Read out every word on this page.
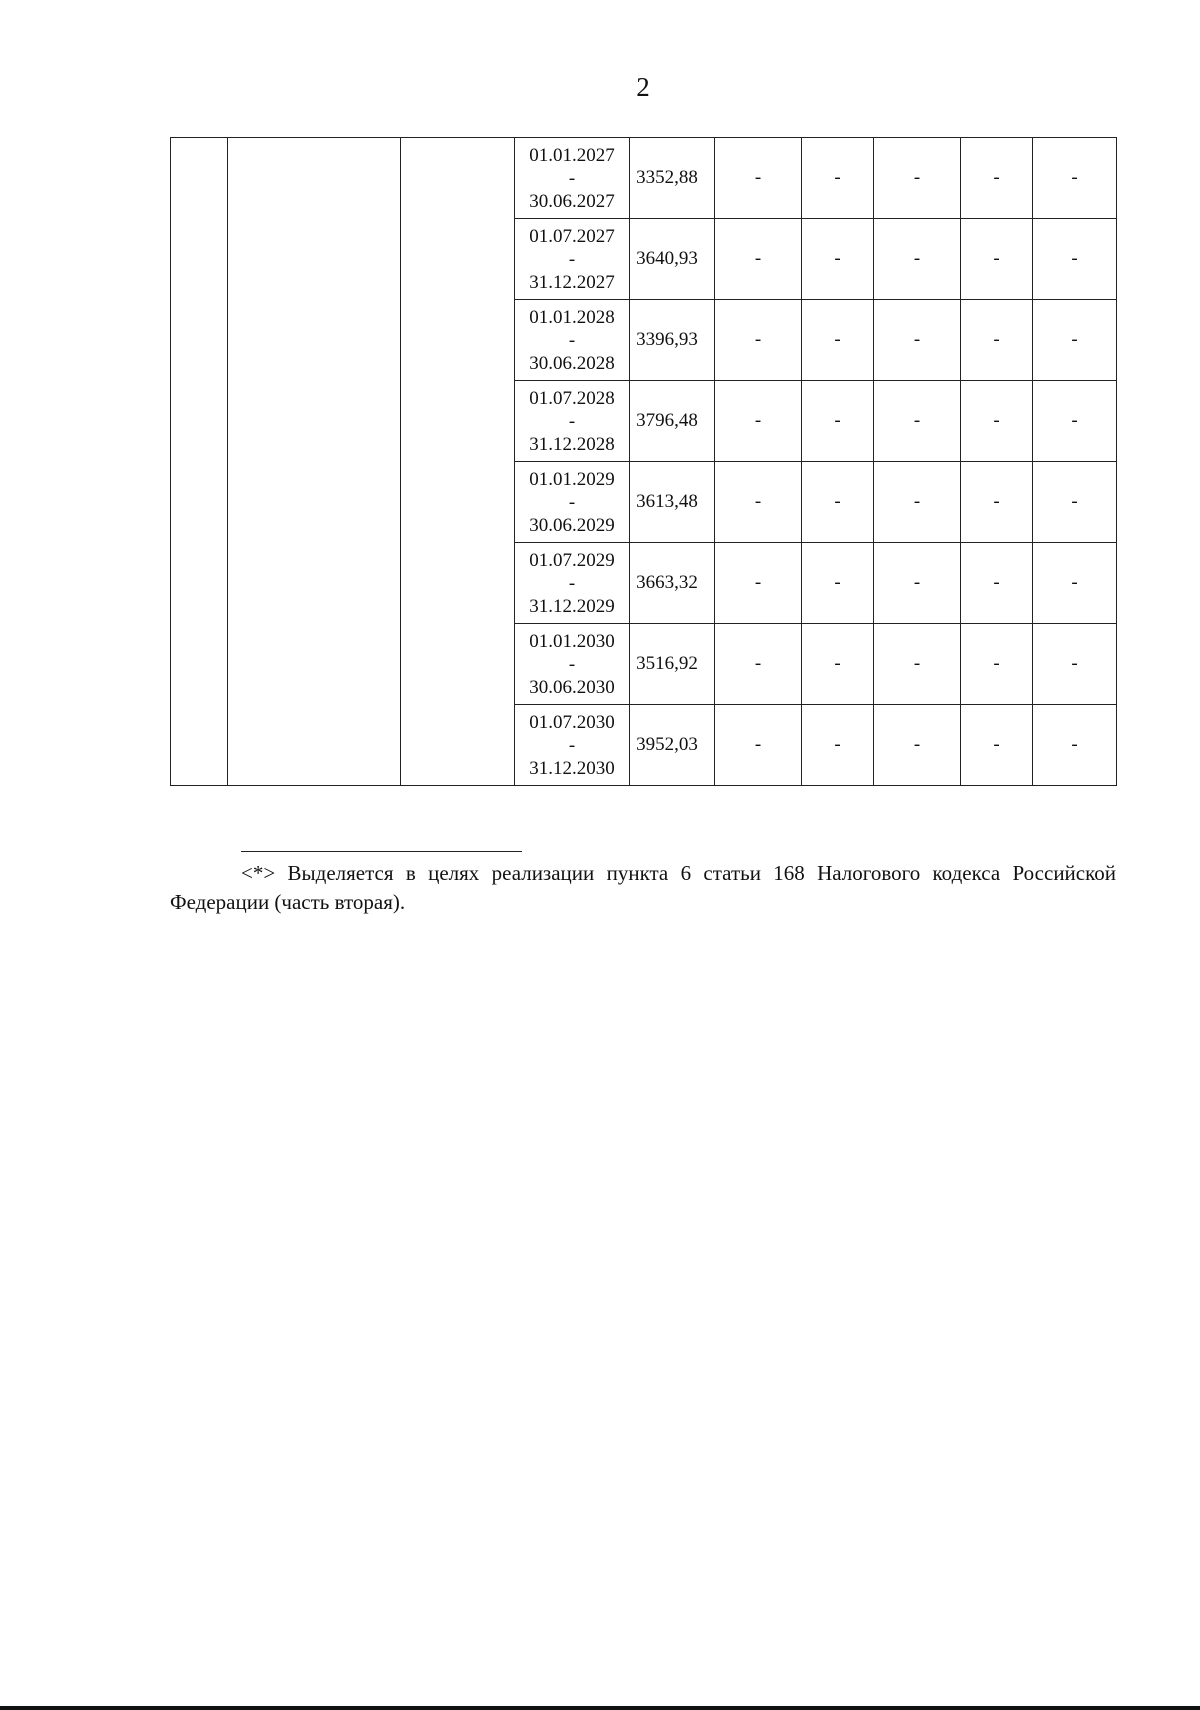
2

			01.01.2027
-
30.06.2027	3352,88	-	-	-	-	-

			01.07.2027
-
31.12.2027	3640,93	-	-	-	-	-

			01.01.2028
-
30.06.2028	3396,93	-	-	-	-	-

			01.07.2028
-
31.12.2028	3796,48	-	-	-	-	-

			01.01.2029
-
30.06.2029	3613,48	-	-	-	-	-

			01.07.2029
-
31.12.2029	3663,32	-	-	-	-	-

			01.01.2030
-
30.06.2030	3516,92	-	-	-	-	-

			01.07.2030
-
31.12.2030	3952,03	-	-	-	-	-
<*> Выделяется в целях реализации пункта 6 статьи 168 Налогового кодекса Российской Федерации (часть вторая).
